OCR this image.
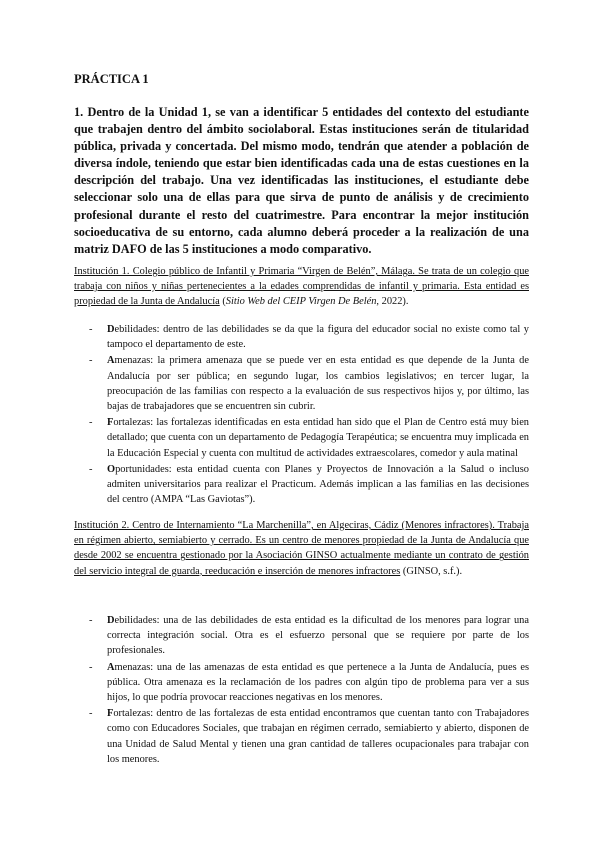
PRÁCTICA 1
1. Dentro de la Unidad 1, se van a identificar 5 entidades del contexto del estudiante que trabajen dentro del ámbito sociolaboral. Estas instituciones serán de titularidad pública, privada y concertada. Del mismo modo, tendrán que atender a población de diversa índole, teniendo que estar bien identificadas cada una de estas cuestiones en la descripción del trabajo. Una vez identificadas las instituciones, el estudiante debe seleccionar solo una de ellas para que sirva de punto de análisis y de crecimiento profesional durante el resto del cuatrimestre. Para encontrar la mejor institución socioeducativa de su entorno, cada alumno deberá proceder a la realización de una matriz DAFO de las 5 instituciones a modo comparativo.
Institución 1. Colegio público de Infantil y Primaria “Virgen de Belén”, Málaga. Se trata de un colegio que trabaja con niños y niñas pertenecientes a la edades comprendidas de infantil y primaria. Esta entidad es propiedad de la Junta de Andalucía (Sitio Web del CEIP Virgen De Belén, 2022).
- Debilidades: dentro de las debilidades se da que la figura del educador social no existe como tal y tampoco el departamento de este.
- Amenazas: la primera amenaza que se puede ver en esta entidad es que depende de la Junta de Andalucía por ser pública; en segundo lugar, los cambios legislativos; en tercer lugar, la preocupación de las familias con respecto a la evaluación de sus respectivos hijos y, por último, las bajas de trabajadores que se encuentren sin cubrir.
- Fortalezas: las fortalezas identificadas en esta entidad han sido que el Plan de Centro está muy bien detallado; que cuenta con un departamento de Pedagogía Terapéutica; se encuentra muy implicada en la Educación Especial y cuenta con multitud de actividades extraescolares, comedor y aula matinal
- Oportunidades: esta entidad cuenta con Planes y Proyectos de Innovación a la Salud o incluso admiten universitarios para realizar el Practicum. Además implican a las familias en las decisiones del centro (AMPA “Las Gaviotas”).
Institución 2. Centro de Internamiento “La Marchenilla”, en Algeciras, Cádiz (Menores infractores). Trabaja en régimen abierto, semiabierto y cerrado. Es un centro de menores propiedad de la Junta de Andalucía que desde 2002 se encuentra gestionado por la Asociación GINSO actualmente mediante un contrato de gestión del servicio integral de guarda, reeducación e inserción de menores infractores (GINSO, s.f.).
- Debilidades: una de las debilidades de esta entidad es la dificultad de los menores para lograr una correcta integración social. Otra es el esfuerzo personal que se requiere por parte de los profesionales.
- Amenazas: una de las amenazas de esta entidad es que pertenece a la Junta de Andalucía, pues es pública. Otra amenaza es la reclamación de los padres con algún tipo de problema para ver a sus hijos, lo que podría provocar reacciones negativas en los menores.
- Fortalezas: dentro de las fortalezas de esta entidad encontramos que cuentan tanto con Trabajadores como con Educadores Sociales, que trabajan en régimen cerrado, semiabierto y abierto, disponen de una Unidad de Salud Mental y tienen una gran cantidad de talleres ocupacionales para trabajar con los menores.
